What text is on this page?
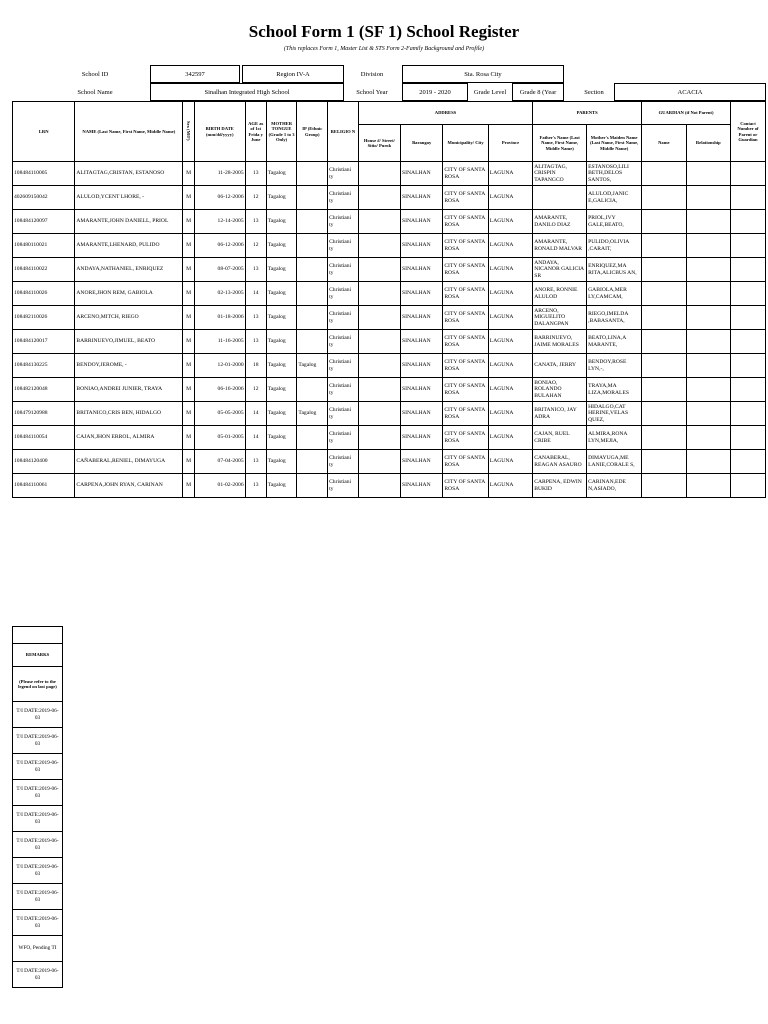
School Form 1 (SF 1) School Register
(This replaces Form 1, Master List & STS Form 2-Family Background and Profile)
School ID	342597	Region IV-A	Division	Sta. Rosa City
School Name	Sinalhan Integrated High School	School Year	2019 - 2020	Grade Level	Grade 8 (Year	Section	ACACIA
LRN	NAME (Last Name, First Name, Middle Name)	Sex (M/F)	BIRTH DATE (mm/dd/yyyy)	AGE as of 1st Frida y June	MOTHER TONGUE (Grade 1 to 3 Only)	IP (Ethnic Group)	RELIGIO N	ADDRESS				PARENTS		GUARDIAN (if Not Parent)		Contact Number of Parent or Guardian
								House #/ Street/ Sitio/ Purok	Barangay	Municipality/ City	Province	Father's Name (Last Name, First Name, Middle Name)	Mother's Maiden Name (Last Name, First Name, Middle Name)	Name	Relationship	
108484110005	ALITAGTAG,CRISTAN, ESTANOSO	M	11-28-2005	13	Tagalog		Christiani ty		SINALHAN	CITY OF SANTA ROSA	LAGUNA	ALITAGTAG, CRISPIN TAPANGCO	ESTANOSO,LILI BETH,DELOS SANTOS,			
402609150042	ALULOD,YCENT LHORE, -	M	06-12-2006	12	Tagalog		Christiani ty		SINALHAN	CITY OF SANTA ROSA	LAGUNA		ALULOD,JANIC E,GALICIA,			
108484120097	AMARANTE,JOHN DANIELL, PRIOL	M	12-14-2005	13	Tagalog		Christiani ty		SINALHAN	CITY OF SANTA ROSA	LAGUNA	AMARANTE, DANILO DIAZ	PRIOL,IVY GALE,BEATO,			
108480110021	AMARANTE,LHENARD, PULIDO	M	06-12-2006	12	Tagalog		Christiani ty		SINALHAN	CITY OF SANTA ROSA	LAGUNA	AMARANTE, RONALD MALVAR	PULIDO,OLIVIA ,CARAIT,			
108484110022	ANDAYA,NATHANIEL, ENRIQUEZ	M	08-07-2005	13	Tagalog		Christiani ty		SINALHAN	CITY OF SANTA ROSA	LAGUNA	ANDAYA, NICANOR GALICIA SR	ENRIQUEZ,MA RITA,ALICBUS AN,			
108484110026	ANORE,JHON REM, GABIOLA	M	02-13-2005	14	Tagalog		Christiani ty		SINALHAN	CITY OF SANTA ROSA	LAGUNA	ANORE, RONNIE ALULOD	GABIOLA,MER LY,CAMCAM,			
108482110026	ARCENO,MITCH, RIEGO	M	01-18-2006	13	Tagalog		Christiani ty		SINALHAN	CITY OF SANTA ROSA	LAGUNA	ARCENO, MIGUELITO DALANGPAN	RIEGO,IMELDA ,BABASANTA,			
108484120017	BARRINUEVO,JIMUEL, BEATO	M	11-16-2005	13	Tagalog		Christiani ty		SINALHAN	CITY OF SANTA ROSA	LAGUNA	BARRINUEVO, JAIME MORALES	BEATO,LINA,A MARANTE,			
108484130225	BENDOY,JEROME, -	M	12-01-2000	18	Tagalog	Tagalog	Christiani ty		SINALHAN	CITY OF SANTA ROSA	LAGUNA	CANATA, JERRY	BENDOY,ROSE LYN,-,			
108482120048	BONIAO,ANDREI JUNIER, TRAYA	M	06-16-2006	12	Tagalog		Christiani ty		SINALHAN	CITY OF SANTA ROSA	LAGUNA	BONIAO, ROLANDO BULAHAN	TRAYA,MA LIZA,MORALES			
108479120988	BRITANICO,CRIS BEN, HIDALGO	M	05-05-2005	14	Tagalog	Tagalog	Christiani ty		SINALHAN	CITY OF SANTA ROSA	LAGUNA	BRITANICO, JAY ADRA	HIDALGO,CAT HERINE,VELAS QUEZ,			
108484110054	CAJAN,JHON ERROL, ALMIRA	M	05-01-2005	14	Tagalog		Christiani ty		SINALHAN	CITY OF SANTA ROSA	LAGUNA	CAJAN, RUEL CRIBE	ALMIRA,RONA LYN,MEJIA,			
108484120400	CAÑABERAL,RENIEL, DIMAYUGA	M	07-04-2005	13	Tagalog		Christiani ty		SINALHAN	CITY OF SANTA ROSA	LAGUNA	CANABERAL, REAGAN ASAURO	DIMAYUGA,ME LANIE,CORALE S,			
108484110061	CARPENA,JOHN RYAN, CARINAN	M	01-02-2006	13	Tagalog		Christiani ty		SINALHAN	CITY OF SANTA ROSA	LAGUNA	CARPENA, EDWIN BUKID	CARINAN,EDE N,ASIADO,			

REMARKS
(Please refer to the legend on last page)
T/I DATE:2019-06-03
T/I DATE:2019-06-03
T/I DATE:2019-06-03
T/I DATE:2019-06-03
T/I DATE:2019-06-03
T/I DATE:2019-06-03
T/I DATE:2019-06-03
T/I DATE:2019-06-03
T/I DATE:2019-06-03
WFO, Pending TI
T/I DATE:2019-06-03
